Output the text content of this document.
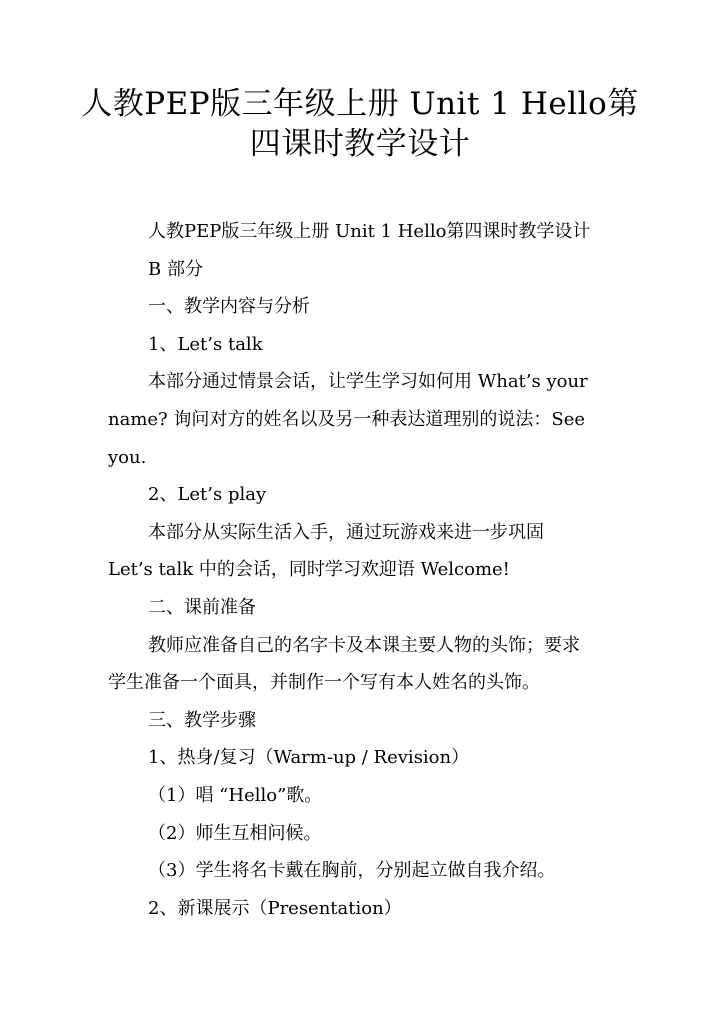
人教PEP版三年级上册 Unit 1 Hello第
四课时教学设计
人教PEP版三年级上册 Unit 1 Hello第四课时教学设计
B 部分
一、教学内容与分析
1、Let’s talk
本部分通过情景会话，让学生学习如何用 What’s your
name? 询问对方的姓名以及另一种表达道理别的说法：See
you.
2、Let’s play
本部分从实际生活入手，通过玩游戏来进一步巩固
Let’s talk 中的会话，同时学习欢迎语 Welcome!
二、课前准备
教师应准备自己的名字卡及本课主要人物的头饰；要求
学生准备一个面具，并制作一个写有本人姓名的头饰。
三、教学步骤
1、热身/复习（Warm-up / Revision）
（1）唱 “Hello”歌。
（2）师生互相问候。
（3）学生将名卡戴在胸前，分别起立做自我介绍。
2、新课展示（Presentation）
